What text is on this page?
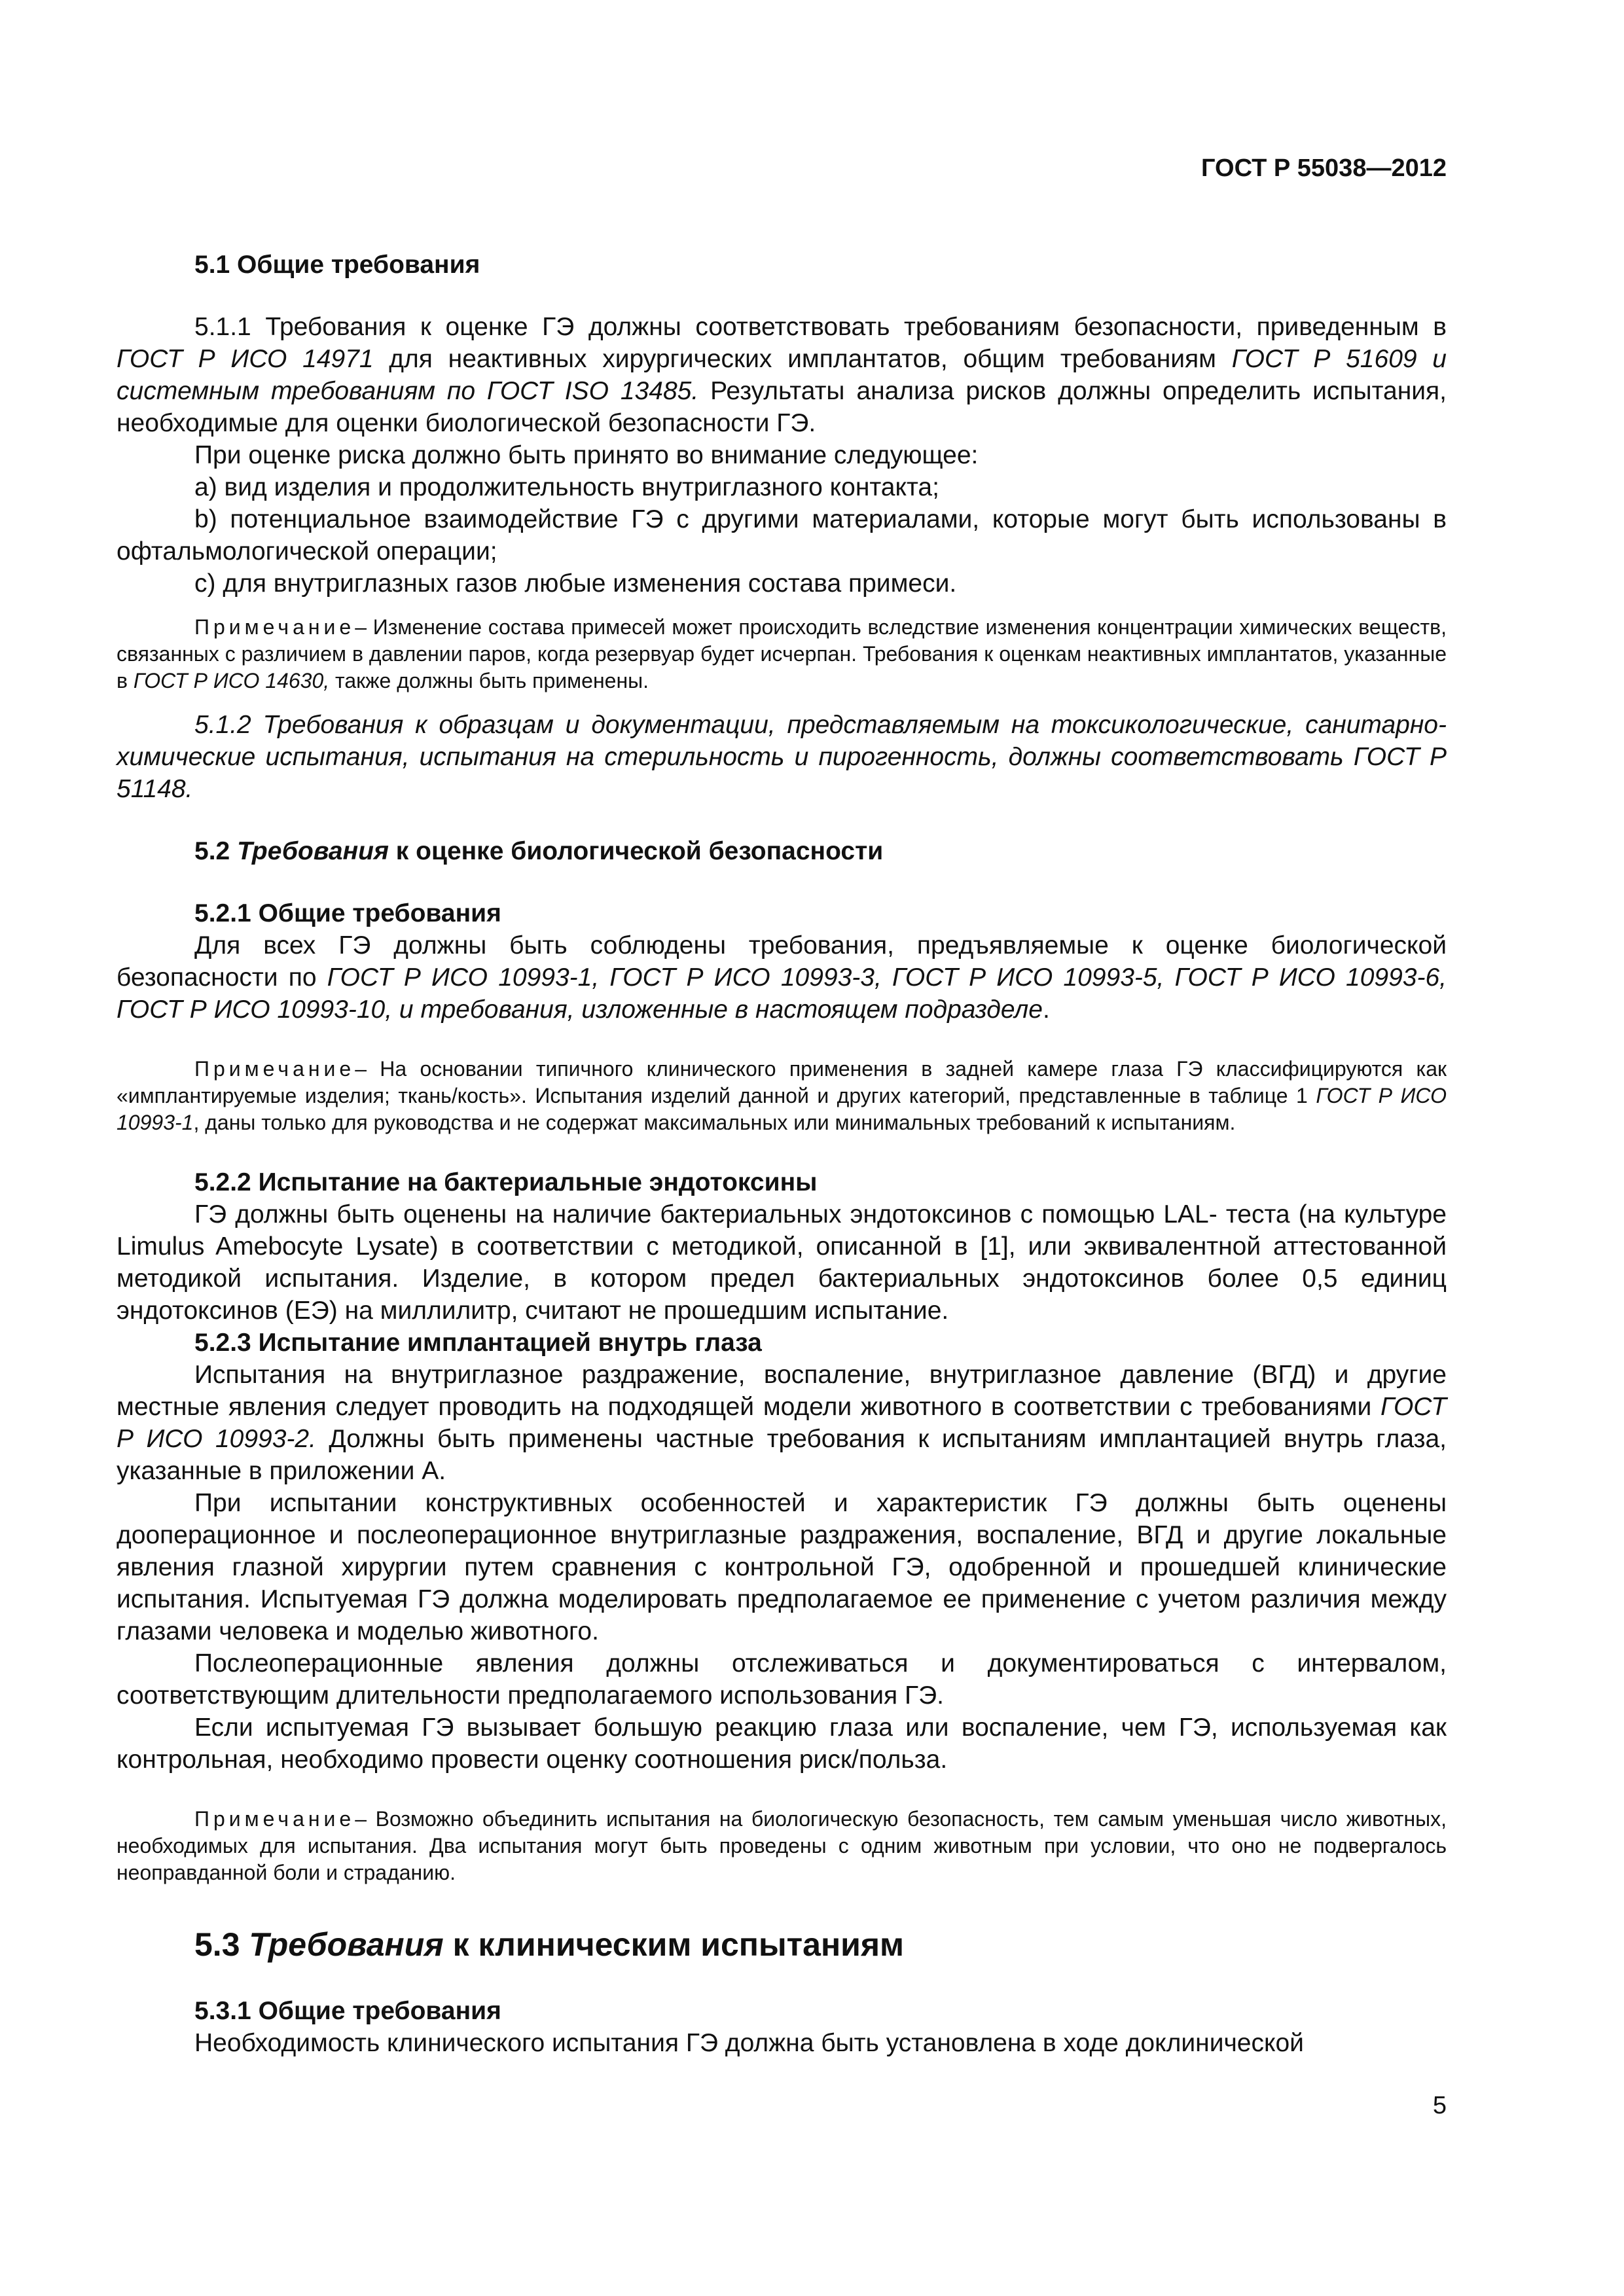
ГОСТ Р 55038—2012

5.1 Общие требования

5.1.1 Требования к оценке ГЭ должны соответствовать требованиям безопасности, приведенным в ГОСТ Р ИСО 14971 для неактивных хирургических имплантатов, общим требованиям ГОСТ Р 51609 и системным требованиям по ГОСТ ISO 13485. Результаты анализа рисков должны определить испытания, необходимые для оценки биологической безопасности ГЭ.

При оценке риска должно быть принято во внимание следующее:

а) вид изделия и продолжительность внутриглазного контакта;

b) потенциальное взаимодействие ГЭ с другими материалами, которые могут быть использованы в офтальмологической операции;

с) для внутриглазных газов любые изменения состава примеси.

Примечание– Изменение состава примесей может происходить вследствие изменения концентрации химических веществ, связанных с различием в давлении паров, когда резервуар будет исчерпан. Требования к оценкам неактивных имплантатов, указанные в ГОСТ Р ИСО 14630, также должны быть применены.

5.1.2 Требования к образцам и документации, представляемым на токсикологические, санитарно-химические испытания, испытания на стерильность и пирогенность, должны соответствовать ГОСТ Р 51148.

5.2 Требования к оценке биологической безопасности

5.2.1 Общие требования

Для всех ГЭ должны быть соблюдены требования, предъявляемые к оценке биологической безопасности по ГОСТ Р ИСО 10993-1, ГОСТ Р ИСО 10993-3, ГОСТ Р ИСО 10993-5, ГОСТ Р ИСО 10993-6, ГОСТ Р ИСО 10993-10, и требования, изложенные в настоящем подразделе.

Примечание– На основании типичного клинического применения в задней камере глаза ГЭ классифицируются как «имплантируемые изделия; ткань/кость». Испытания изделий данной и других категорий, представленные в таблице 1 ГОСТ Р ИСО 10993-1, даны только для руководства и не содержат максимальных или минимальных требований к испытаниям.

5.2.2 Испытание на бактериальные эндотоксины

ГЭ должны быть оценены на наличие бактериальных эндотоксинов с помощью LAL- теста (на культуре Limulus Amebocyte Lysate) в соответствии с методикой, описанной в [1], или эквивалентной аттестованной методикой испытания. Изделие, в котором предел бактериальных эндотоксинов более 0,5 единиц эндотоксинов (ЕЭ) на миллилитр, считают не прошедшим испытание.

5.2.3 Испытание имплантацией внутрь глаза

Испытания на внутриглазное раздражение, воспаление, внутриглазное давление (ВГД) и другие местные явления следует проводить на подходящей модели животного в соответствии с требованиями ГОСТ Р ИСО 10993-2. Должны быть применены частные требования к испытаниям имплантацией внутрь глаза, указанные в приложении А.

При испытании конструктивных особенностей и характеристик ГЭ должны быть оценены дооперационное и послеоперационное внутриглазные раздражения, воспаление, ВГД и другие локальные явления глазной хирургии путем сравнения с контрольной ГЭ, одобренной и прошедшей клинические испытания. Испытуемая ГЭ должна моделировать предполагаемое ее применение с учетом различия между глазами человека и моделью животного.

Послеоперационные явления должны отслеживаться и документироваться с интервалом, соответствующим длительности предполагаемого использования ГЭ.

Если испытуемая ГЭ вызывает большую реакцию глаза или воспаление, чем ГЭ, используемая как контрольная, необходимо провести оценку соотношения риск/польза.

Примечание– Возможно объединить испытания на биологическую безопасность, тем самым уменьшая число животных, необходимых для испытания. Два испытания могут быть проведены с одним животным при условии, что оно не подвергалось неоправданной боли и страданию.

5.3 Требования к клиническим испытаниям

5.3.1 Общие требования

Необходимость клинического испытания ГЭ должна быть установлена в ходе доклинической

5
